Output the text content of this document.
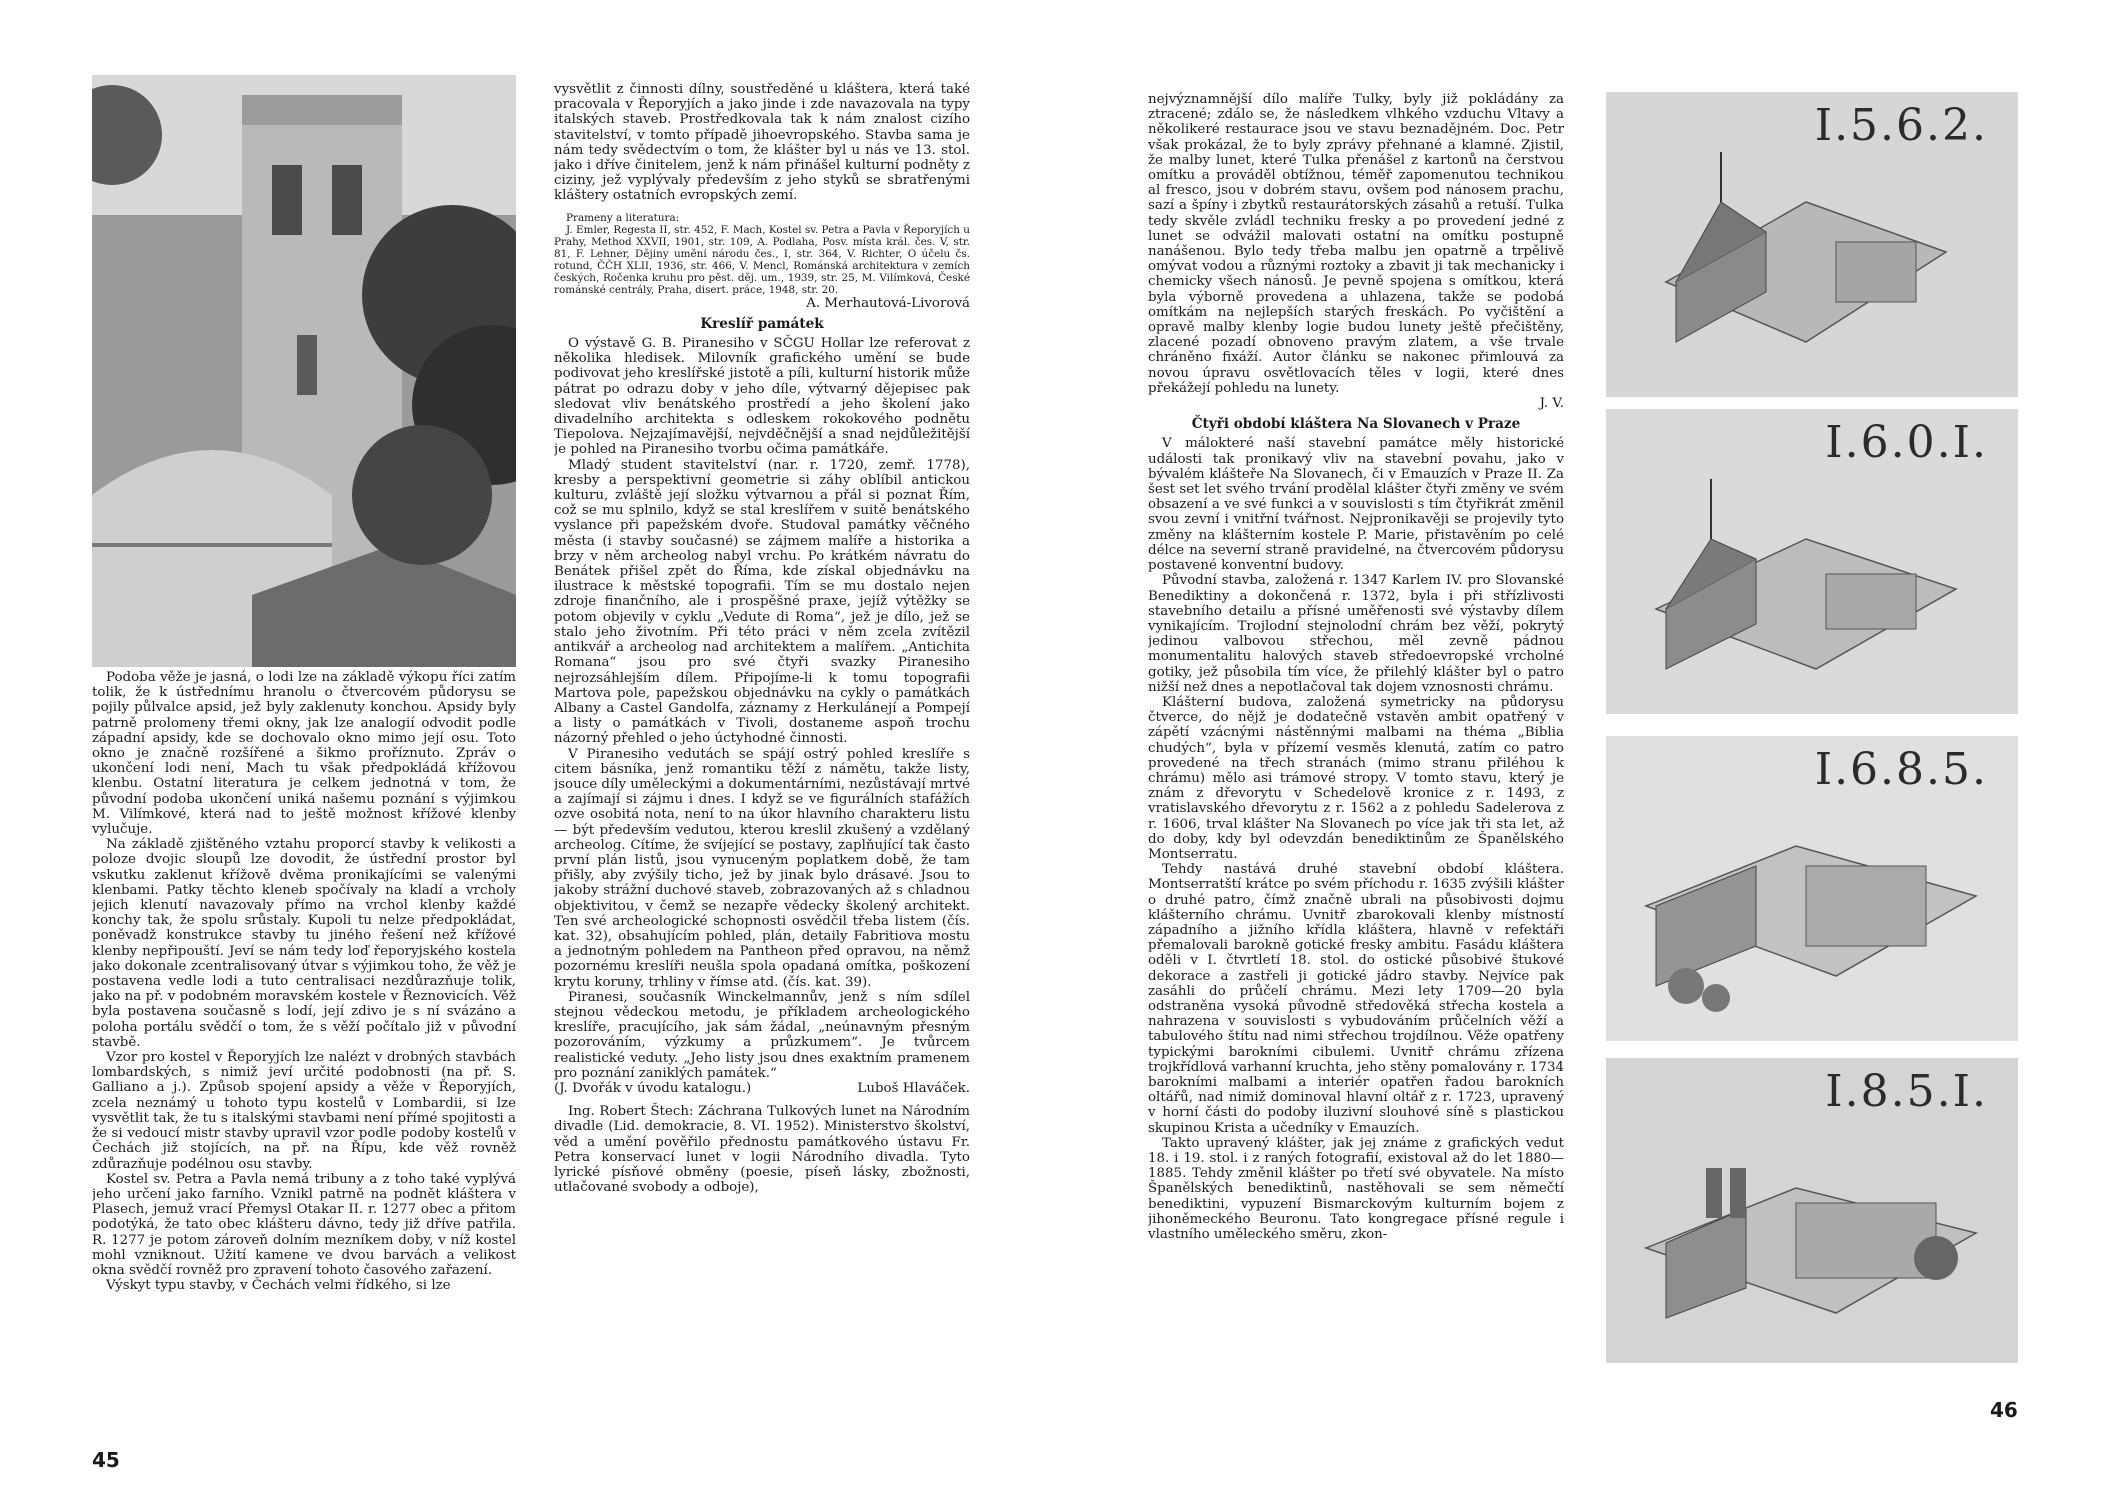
Podoba věže je jasná, o lodi lze na základě výkopu říci zatím tolik, že k ústřednímu hranolu o čtvercovém půdorysu se pojily půlvalce apsid, jež byly zaklenuty konchou. Apsidy byly patrně prolomeny třemi okny, jak lze analogií odvodit podle západní apsidy, kde se dochovalo okno mimo její osu. Toto okno je značně rozšířené a šikmo proříznuto. Zpráv o ukončení lodi není, Mach tu však předpokládá křížovou klenbu. Ostatní literatura je celkem jednotná v tom, že původní podoba ukončení uniká našemu poznání s výjimkou M. Vilímkové, která nad to ještě možnost křížové klenby vylučuje.

Na základě zjištěného vztahu proporcí stavby k velikosti a poloze dvojic sloupů lze dovodit, že ústřední prostor byl vskutku zaklenut křížově dvěma pronikajícími se valenými klenbami. Patky těchto kleneb spočívaly na kladí a vrcholy jejich klenutí navazovaly přímo na vrchol klenby každé konchy tak, že spolu srůstaly. Kupoli tu nelze předpokládat, poněvadž konstrukce stavby tu jiného řešení než křížové klenby nepřipouští. Jeví se nám tedy loď řeporyjského kostela jako dokonale zcentralisovaný útvar s výjimkou toho, že věž je postavena vedle lodi a tuto centralisaci nezdůrazňuje tolik, jako na př. v podobném moravském kostele v Řeznovicích. Věž byla postavena současně s lodí, její zdivo je s ní svázáno a poloha portálu svědčí o tom, že s věží počítalo již v původní stavbě.

Vzor pro kostel v Řeporyjích lze nalézt v drobných stavbách lombardských, s nimiž jeví určité podobnosti (na př. S. Galliano a j.). Způsob spojení apsidy a věže v Řeporyjích, zcela neznámý u tohoto typu kostelů v Lombardii, si lze vysvětlit tak, že tu s italskými stavbami není přímé spojitosti a že si vedoucí mistr stavby upravil vzor podle podoby kostelů v Čechách již stojících, na př. na Řípu, kde věž rovněž zdůrazňuje podélnou osu stavby.

Kostel sv. Petra a Pavla nemá tribuny a z toho také vyplývá jeho určení jako farního. Vznikl patrně na podnět kláštera v Plasech, jemuž vrací Přemysl Otakar II. r. 1277 obec a přitom podotýká, že tato obec klášteru dávno, tedy již dříve patřila. R. 1277 je potom zároveň dolním mezníkem doby, v níž kostel mohl vzniknout. Užití kamene ve dvou barvách a velikost okna svědčí rovněž pro zpravení tohoto časového zařazení.

Výskyt typu stavby, v Čechách velmi řídkého, si lze

vysvětlit z činnosti dílny, soustředěné u kláštera, která také pracovala v Řeporyjích a jako jinde i zde navazovala na typy italských staveb. Prostředkovala tak k nám znalost cizího stavitelství, v tomto případě jihoevropského. Stavba sama je nám tedy svědectvím o tom, že klášter byl u nás ve 13. stol. jako i dříve činitelem, jenž k nám přinášel kulturní podněty z ciziny, jež vyplývaly především z jeho styků se sbratřenými kláštery ostatních evropských zemí.

Prameny a literatura:

J. Emler, Regesta II, str. 452, F. Mach, Kostel sv. Petra a Pavla v Řeporyjích u Prahy, Method XXVII, 1901, str. 109, A. Podlaha, Posv. místa král. čes. V, str. 81, F. Lehner, Dějiny umění národu čes., I, str. 364, V. Richter, O účelu čs. rotund, ČČH XLII, 1936, str. 466, V. Mencl, Románská architektura v zemích českých, Ročenka kruhu pro pěst. děj. um., 1939, str. 25, M. Vilímková, České románské centrály, Praha, disert. práce, 1948, str. 20.

A. Merhautová-Livorová

Kreslíř památek

O výstavě G. B. Piranesiho v SČGU Hollar lze referovat z několika hledisek. Milovník grafického umění se bude podivovat jeho kreslířské jistotě a píli, kulturní historik může pátrat po odrazu doby v jeho díle, výtvarný dějepisec pak sledovat vliv benátského prostředí a jeho školení jako divadelního architekta s odleskem rokokového podnětu Tiepolova. Nejzajímavější, nejvděčnější a snad nejdůležitější je pohled na Piranesiho tvorbu očima památkáře.

Mladý student stavitelství (nar. r. 1720, zemř. 1778), kresby a perspektivní geometrie si záhy oblíbil antickou kulturu, zvláště její složku výtvarnou a přál si poznat Řím, což se mu splnilo, když se stal kreslířem v suitě benátského vyslance při papežském dvoře. Studoval památky věčného města (i stavby současné) se zájmem malíře a historika a brzy v něm archeolog nabyl vrchu. Po krátkém návratu do Benátek přišel zpět do Říma, kde získal objednávku na ilustrace k městské topografii. Tím se mu dostalo nejen zdroje finančního, ale i prospěšné praxe, jejíž výtěžky se potom objevily v cyklu „Vedute di Roma“, jež je dílo, jež se stalo jeho životním. Při této práci v něm zcela zvítězil antikvář a archeolog nad architektem a malířem. „Antichita Romana“ jsou pro své čtyři svazky Piranesiho nejrozsáhlejším dílem. Připojíme-li k tomu topografii Martova pole, papežskou objednávku na cykly o památkách Albany a Castel Gandolfa, záznamy z Herkulánejí a Pompejí a listy o památkách v Tivoli, dostaneme aspoň trochu názorný přehled o jeho úctyhodné činnosti.

V Piranesiho vedutách se spájí ostrý pohled kreslíře s citem básníka, jenž romantiku těží z námětu, takže listy, jsouce díly uměleckými a dokumentárními, nezůstávají mrtvé a zajímají si zájmu i dnes. I když se ve figurálních stafážích ozve osobitá nota, není to na úkor hlavního charakteru listu — být především vedutou, kterou kreslil zkušený a vzdělaný archeolog. Cítíme, že svíjející se postavy, zaplňující tak často první plán listů, jsou vynuceným poplatkem době, že tam přišly, aby zvýšily ticho, jež by jinak bylo drásavé. Jsou to jakoby strážní duchové staveb, zobrazovaných až s chladnou objektivitou, v čemž se nezapře vědecky školený architekt. Ten své archeologické schopnosti osvědčil třeba listem (čís. kat. 32), obsahujícím pohled, plán, detaily Fabritiova mostu a jednotným pohledem na Pantheon před opravou, na němž pozornému kreslíři neušla spola opadaná omítka, poškození krytu koruny, trhliny v římse atd. (čís. kat. 39).

Piranesi, současník Winckelmannův, jenž s ním sdílel stejnou vědeckou metodu, je příkladem archeologického kreslíře, pracujícího, jak sám žádal, „neúnavným přesným pozorováním, výzkumy a průzkumem“. Je tvůrcem realistické veduty. „Jeho listy jsou dnes exaktním pramenem pro poznání zaniklých památek.“

(J. Dvořák v úvodu katalogu.)	Luboš Hlaváček.

Ing. Robert Štech: Záchrana Tulkových lunet na Národním divadle (Lid. demokracie, 8. VI. 1952). Ministerstvo školství, věd a umění pověřilo přednostu památkového ústavu Fr. Petra konservací lunet v logii Národního divadla. Tyto lyrické písňové obměny (poesie, píseň lásky, zbožnosti, utlačované svobody a odboje),

45

nejvýznamnější dílo malíře Tulky, byly již pokládány za ztracené; zdálo se, že následkem vlhkého vzduchu Vltavy a několikeré restaurace jsou ve stavu beznadějném. Doc. Petr však prokázal, že to byly zprávy přehnané a klamné. Zjistil, že malby lunet, které Tulka přenášel z kartonů na čerstvou omítku a prováděl obtížnou, téměř zapomenutou technikou al fresco, jsou v dobrém stavu, ovšem pod nánosem prachu, sazí a špíny i zbytků restaurátorských zásahů a retuší. Tulka tedy skvěle zvládl techniku fresky a po provedení jedné z lunet se odvážil malovati ostatní na omítku postupně nanášenou. Bylo tedy třeba malbu jen opatrně a trpělivě omývat vodou a různými roztoky a zbavit ji tak mechanicky i chemicky všech nánosů. Je pevně spojena s omítkou, která byla výborně provedena a uhlazena, takže se podobá omítkám na nejlepších starých freskách. Po vyčištění a opravě malby klenby logie budou lunety ještě přečištěny, zlacené pozadí obnoveno pravým zlatem, a vše trvale chráněno fixáží. Autor článku se nakonec přimlouvá za novou úpravu osvětlovacích těles v logii, které dnes překážejí pohledu na lunety.

J. V.

Čtyři období kláštera Na Slovanech v Praze

V málokteré naší stavební památce měly historické události tak pronikavý vliv na stavební povahu, jako v bývalém klášteře Na Slovanech, či v Emauzích v Praze II. Za šest set let svého trvání prodělal klášter čtyři změny ve svém obsazení a ve své funkci a v souvislosti s tím čtyřikrát změnil svou zevní i vnitřní tvářnost. Nejpronikavěji se projevily tyto změny na klášterním kostele P. Marie, přistavěním po celé délce na severní straně pravidelné, na čtvercovém půdorysu postavené konventní budovy.

Původní stavba, založená r. 1347 Karlem IV. pro Slovanské Benediktiny a dokončená r. 1372, byla i při střízlivosti stavebního detailu a přísné uměřenosti své výstavby dílem vynikajícím. Trojlodní stejnolodní chrám bez věží, pokrytý jedinou valbovou střechou, měl zevně pádnou monumentalitu halových staveb středoevropské vrcholné gotiky, jež působila tím více, že přilehlý klášter byl o patro nižší než dnes a nepotlačoval tak dojem vznosnosti chrámu.

Klášterní budova, založená symetricky na půdorysu čtverce, do nějž je dodatečně vstavěn ambit opatřený v zápětí vzácnými nástěnnými malbami na théma „Biblia chudých“, byla v přízemí vesměs klenutá, zatím co patro provedené na třech stranách (mimo stranu přiléhou k chrámu) mělo asi trámové stropy. V tomto stavu, který je znám z dřevorytu v Schedelově kronice z r. 1493, z vratislavského dřevorytu z r. 1562 a z pohledu Sadelerova z r. 1606, trval klášter Na Slovanech po více jak tři sta let, až do doby, kdy byl odevzdán benediktinům ze Španělského Montserratu.

Tehdy nastává druhé stavební období kláštera. Montserratští krátce po svém příchodu r. 1635 zvýšili klášter o druhé patro, čímž značně ubrali na působivosti dojmu klášterního chrámu. Uvnitř zbarokovali klenby místností západního a jižního křídla kláštera, hlavně v refektáři přemalovali barokně gotické fresky ambitu. Fasádu kláštera oděli v I. čtvrtletí 18. stol. do ostické působivé štukové dekorace a zastřeli ji gotické jádro stavby. Nejvíce pak zasáhli do průčelí chrámu. Mezi lety 1709—20 byla odstraněna vysoká původně středověká střecha kostela a nahrazena v souvislosti s vybudováním průčelních věží a tabulového štítu nad nimi střechou trojdílnou. Věže opatřeny typickými barokními cibulemi. Uvnitř chrámu zřízena trojkřídlová varhanní kruchta, jeho stěny pomalovány r. 1734 barokními malbami a interiér opatřen řadou barokních oltářů, nad nimiž dominoval hlavní oltář z r. 1723, upravený v horní části do podoby iluzivní slouhové síně s plastickou skupinou Krista a učedníky v Emauzích.

Takto upravený klášter, jak jej známe z grafických vedut 18. i 19. stol. i z raných fotografií, existoval až do let 1880—1885. Tehdy změnil klášter po třetí své obyvatele. Na místo Španělských benediktinů, nastěhovali se sem němečtí benediktini, vypuzení Bismarckovým kulturním bojem z jihoněmeckého Beuronu. Tato kongregace přísné regule i vlastního uměleckého směru, zkon-

I.5.6.2.
I.6.0.I.
I.6.8.5.
I.8.5.I.
46
